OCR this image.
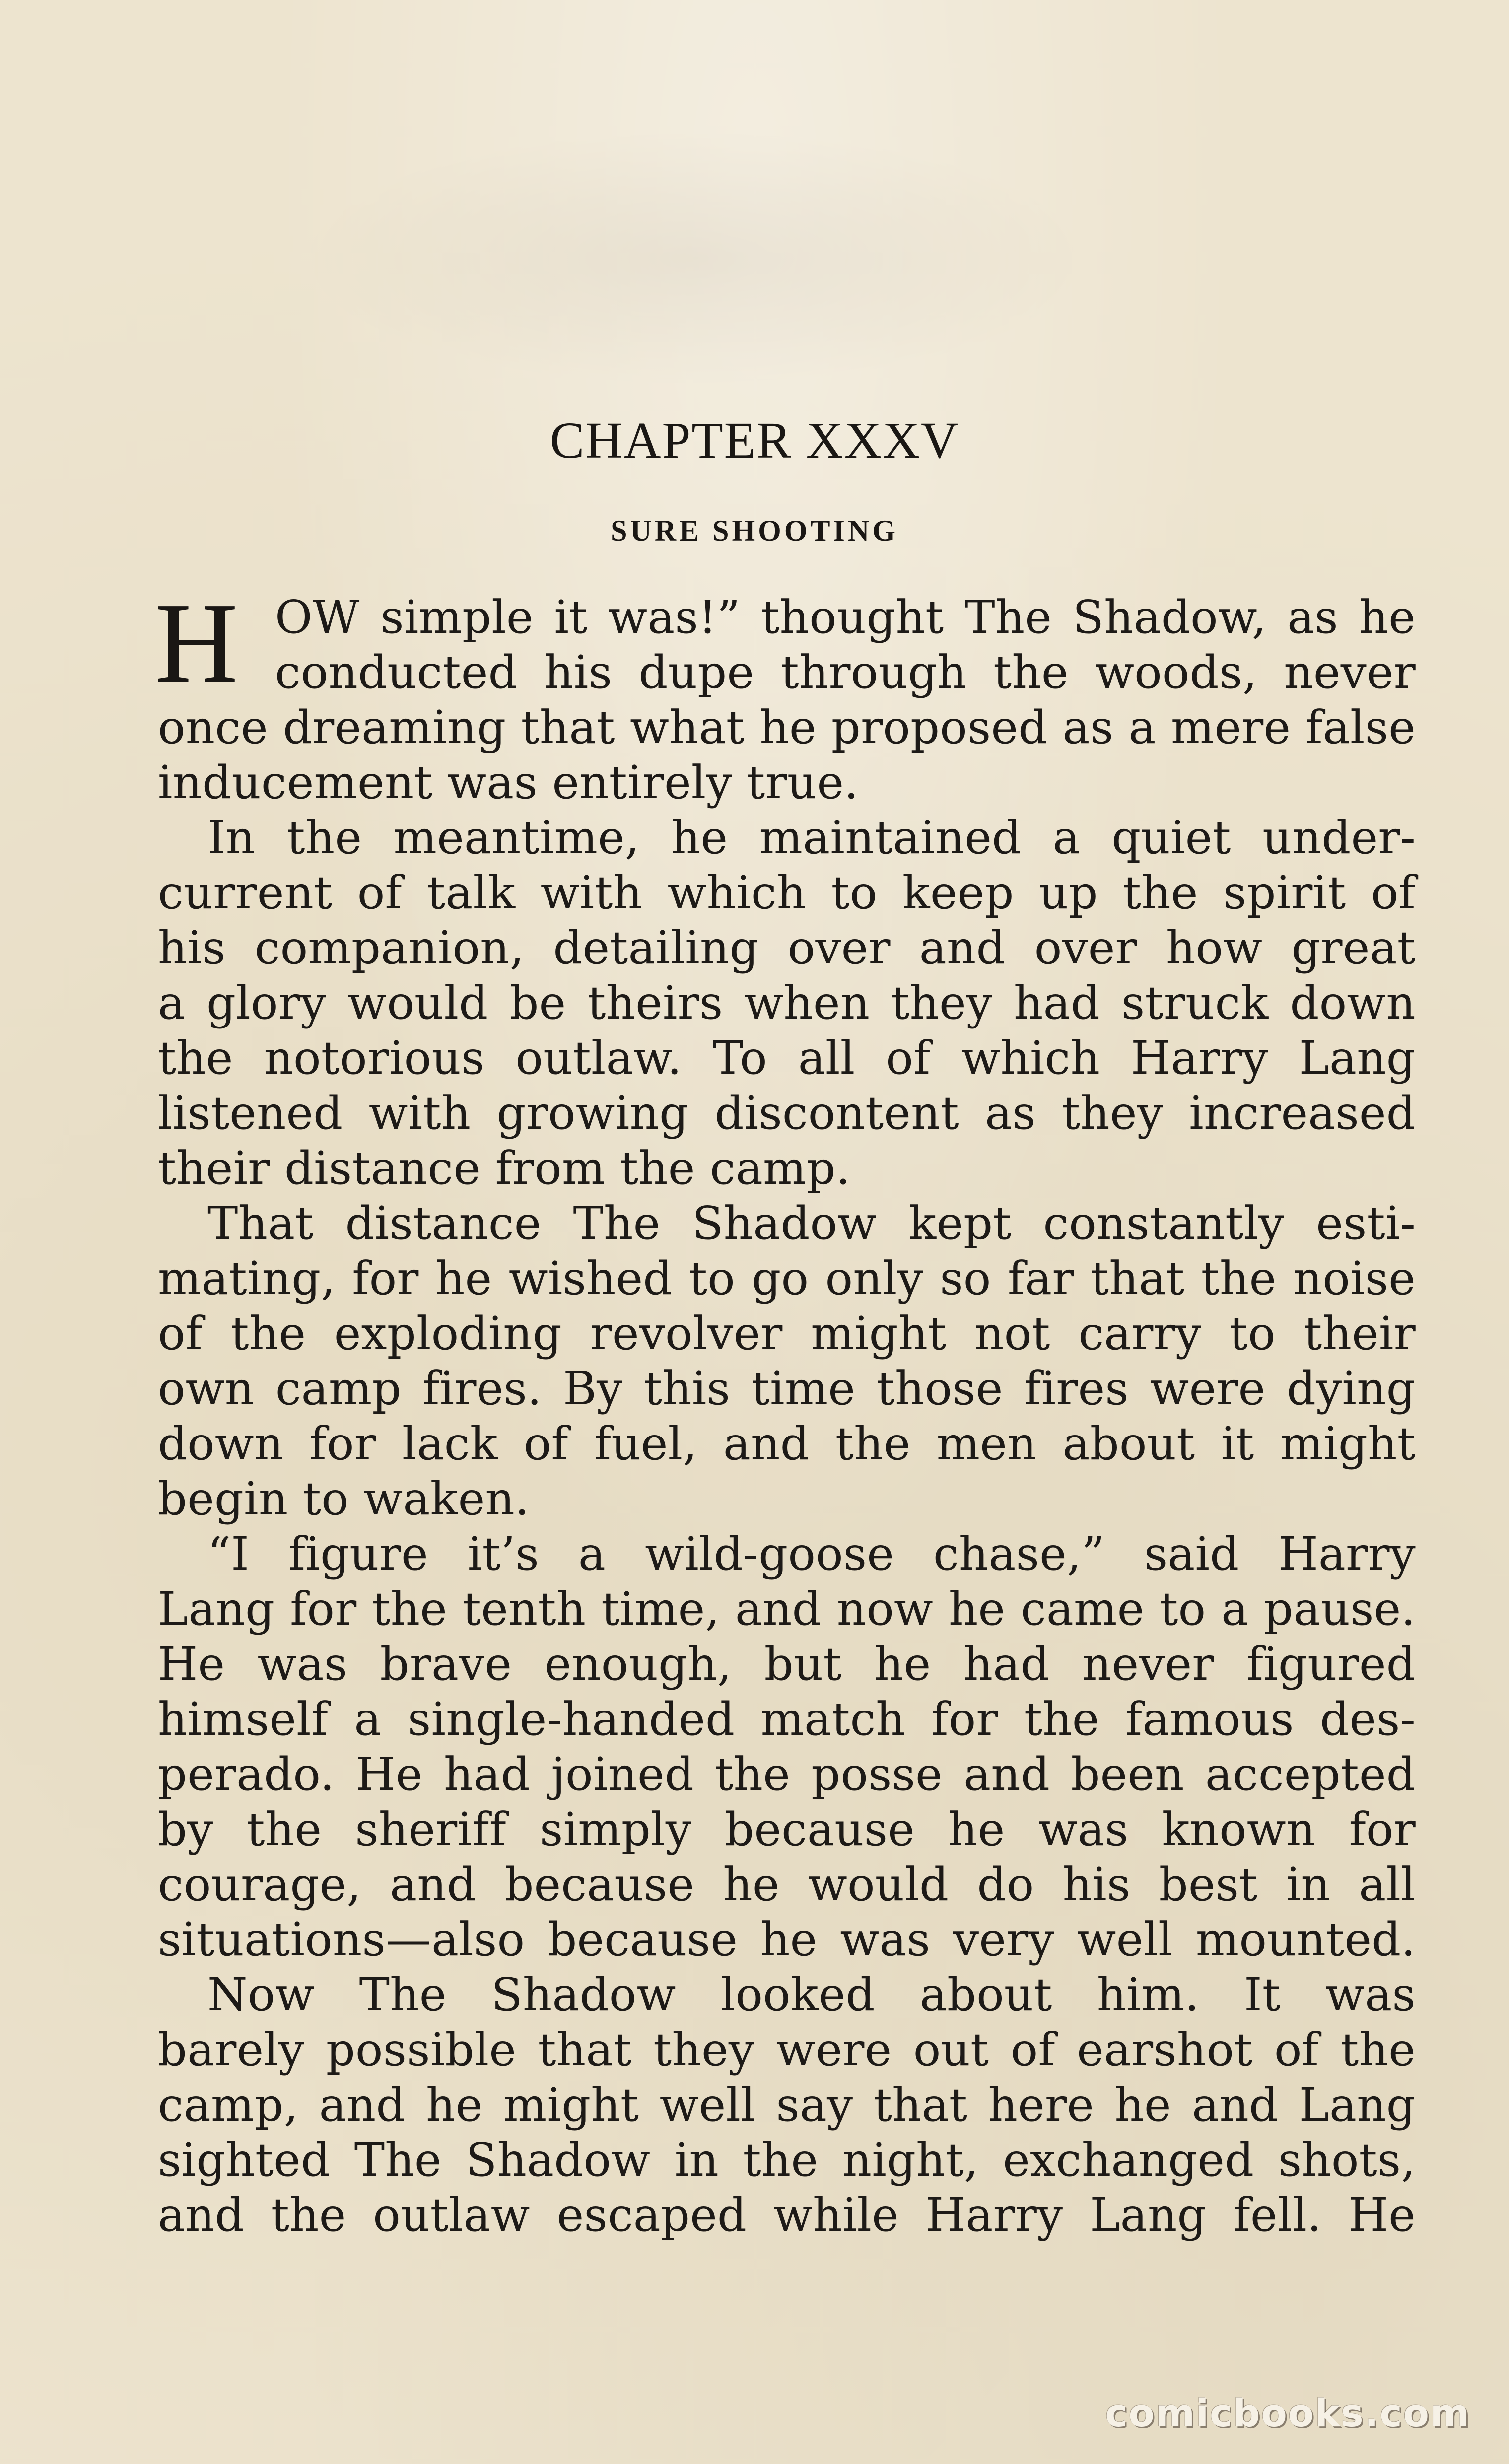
CHAPTER XXXV
SURE SHOOTING
H OW simple it was!” thought The Shadow, as he
conducted his dupe through the woods, never
once dreaming that what he proposed as a mere false
inducement was entirely true.
In the meantime, he maintained a quiet under-
current of talk with which to keep up the spirit of
his companion, detailing over and over how great
a glory would be theirs when they had struck down
the notorious outlaw. To all of which Harry Lang
listened with growing discontent as they increased
their distance from the camp.
That distance The Shadow kept constantly esti-
mating, for he wished to go only so far that the noise
of the exploding revolver might not carry to their
own camp fires. By this time those fires were dying
down for lack of fuel, and the men about it might
begin to waken.
“I figure it’s a wild-goose chase,” said Harry
Lang for the tenth time, and now he came to a pause.
He was brave enough, but he had never figured
himself a single-handed match for the famous des-
perado. He had joined the posse and been accepted
by the sheriff simply because he was known for
courage, and because he would do his best in all
situations—also because he was very well mounted.
Now The Shadow looked about him. It was
barely possible that they were out of earshot of the
camp, and he might well say that here he and Lang
sighted The Shadow in the night, exchanged shots,
and the outlaw escaped while Harry Lang fell. He
comicbooks.com
